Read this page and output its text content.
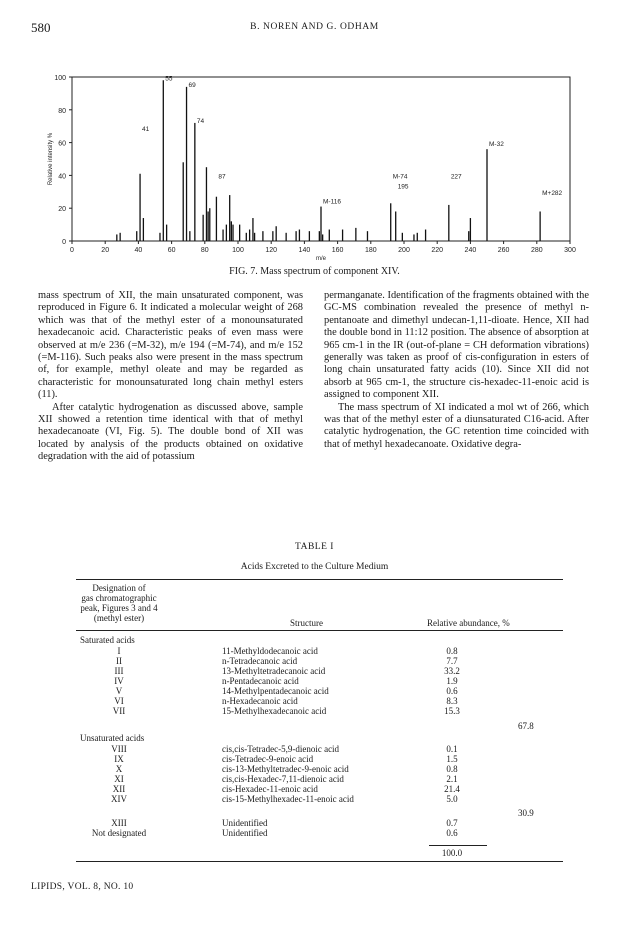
580	B. NOREN AND G. ODHAM
0
20
40
60
80
100
0	20	40	60	80	100	120	140	160	180	200	220	240	260	280	300
m/e
Relative intensity %
55
69
74
41
87
M-116
M-74
195
227
M-32
M+282
FIG. 7. Mass spectrum of component XIV.

mass spectrum of XII, the main unsaturated component, was reproduced in Figure 6. It indicated a molecular weight of 268 which was that of the methyl ester of a monounsaturated hexadecanoic acid. Characteristic peaks of even mass were observed at m/e 236 (=M-32), m/e 194 (=M-74), and m/e 152 (=M-116). Such peaks also were present in the mass spectrum of, for example, methyl oleate and may be regarded as characteristic for monounsaturated long chain methyl esters (11).

After catalytic hydrogenation as discussed above, sample XII showed a retention time identical with that of methyl hexadecanoate (VI, Fig. 5). The double bond of XII was located by analysis of the products obtained on oxidative degradation with the aid of potassium

permanganate. Identification of the fragments obtained with the GC-MS combination revealed the presence of methyl n-pentanoate and dimethyl undecan-1,11-dioate. Hence, XII had the double bond in 11:12 position. The absence of absorption at 965 cm-1 in the IR (out-of-plane = CH deformation vibrations) generally was taken as proof of cis-configuration in esters of long chain unsaturated fatty acids (10). Since XII did not absorb at 965 cm-1, the structure cis-hexadec-11-enoic acid is assigned to component XII.

The mass spectrum of XI indicated a mol wt of 266, which was that of the methyl ester of a diunsaturated C16-acid. After catalytic hydrogenation, the GC retention time coincided with that of methyl hexadecanoate. Oxidative degra-

TABLE I
Acids Excreted to the Culture Medium
Designation of
gas chromatographic
peak, Figures 3 and 4
(methyl ester)	Structure	Relative abundance, %
Saturated acids
I	11-Methyldodecanoic acid	0.8
II	n-Tetradecanoic acid	7.7
III	13-Methyltetradecanoic acid	33.2
IV	n-Pentadecanoic acid	1.9
V	14-Methylpentadecanoic acid	0.6
VI	n-Hexadecanoic acid	8.3
VII	15-Methylhexadecanoic acid	15.3
67.8
Unsaturated acids
VIII	cis,cis-Tetradec-5,9-dienoic acid	0.1
IX	cis-Tetradec-9-enoic acid	1.5
X	cis-13-Methyltetradec-9-enoic acid	0.8
XI	cis,cis-Hexadec-7,11-dienoic acid	2.1
XII	cis-Hexadec-11-enoic acid	21.4
XIV	cis-15-Methylhexadec-11-enoic acid	5.0
30.9
XIII	Unidentified	0.7
Not designated	Unidentified	0.6
100.0
LIPIDS, VOL. 8, NO. 10
